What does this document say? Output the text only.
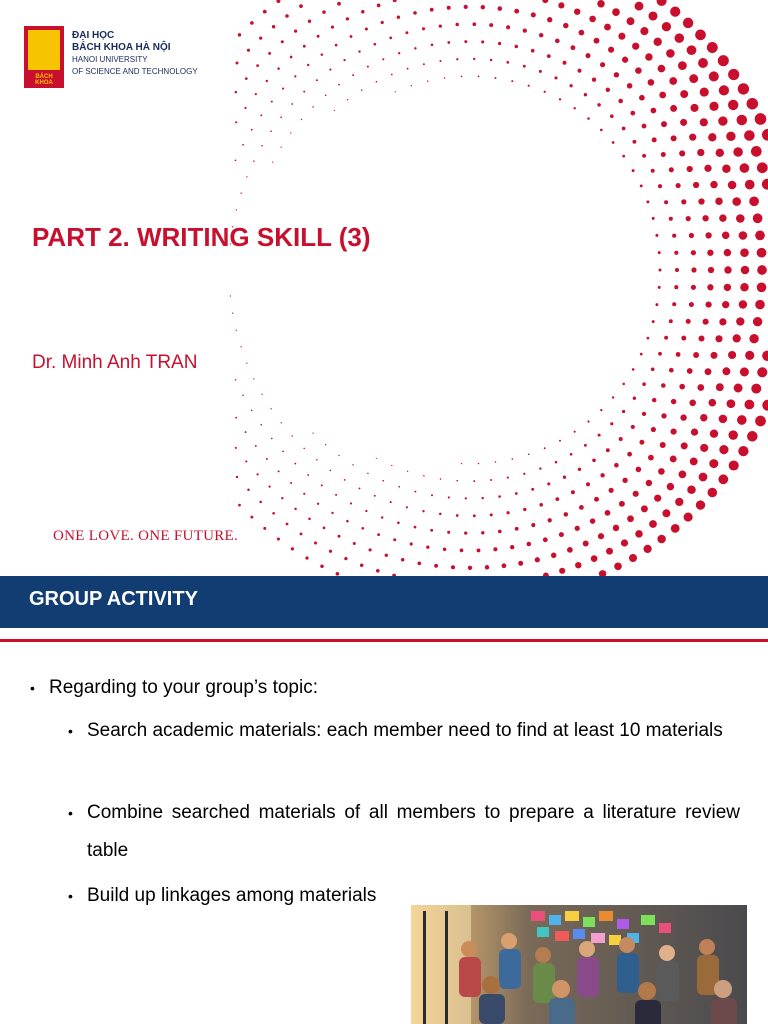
BÁCH KHOA
ĐẠI HỌC
BÁCH KHOA HÀ NỘI
HANOI UNIVERSITY
OF SCIENCE AND TECHNOLOGY
PART 2. WRITING SKILL (3)
Dr. Minh Anh TRAN
ONE LOVE. ONE FUTURE.
GROUP ACTIVITY
• Regarding to your group’s topic:
• Search academic materials: each member need to find at least 10 materials
• Combine searched materials of all members to prepare a literature review table
• Build up linkages among materials
